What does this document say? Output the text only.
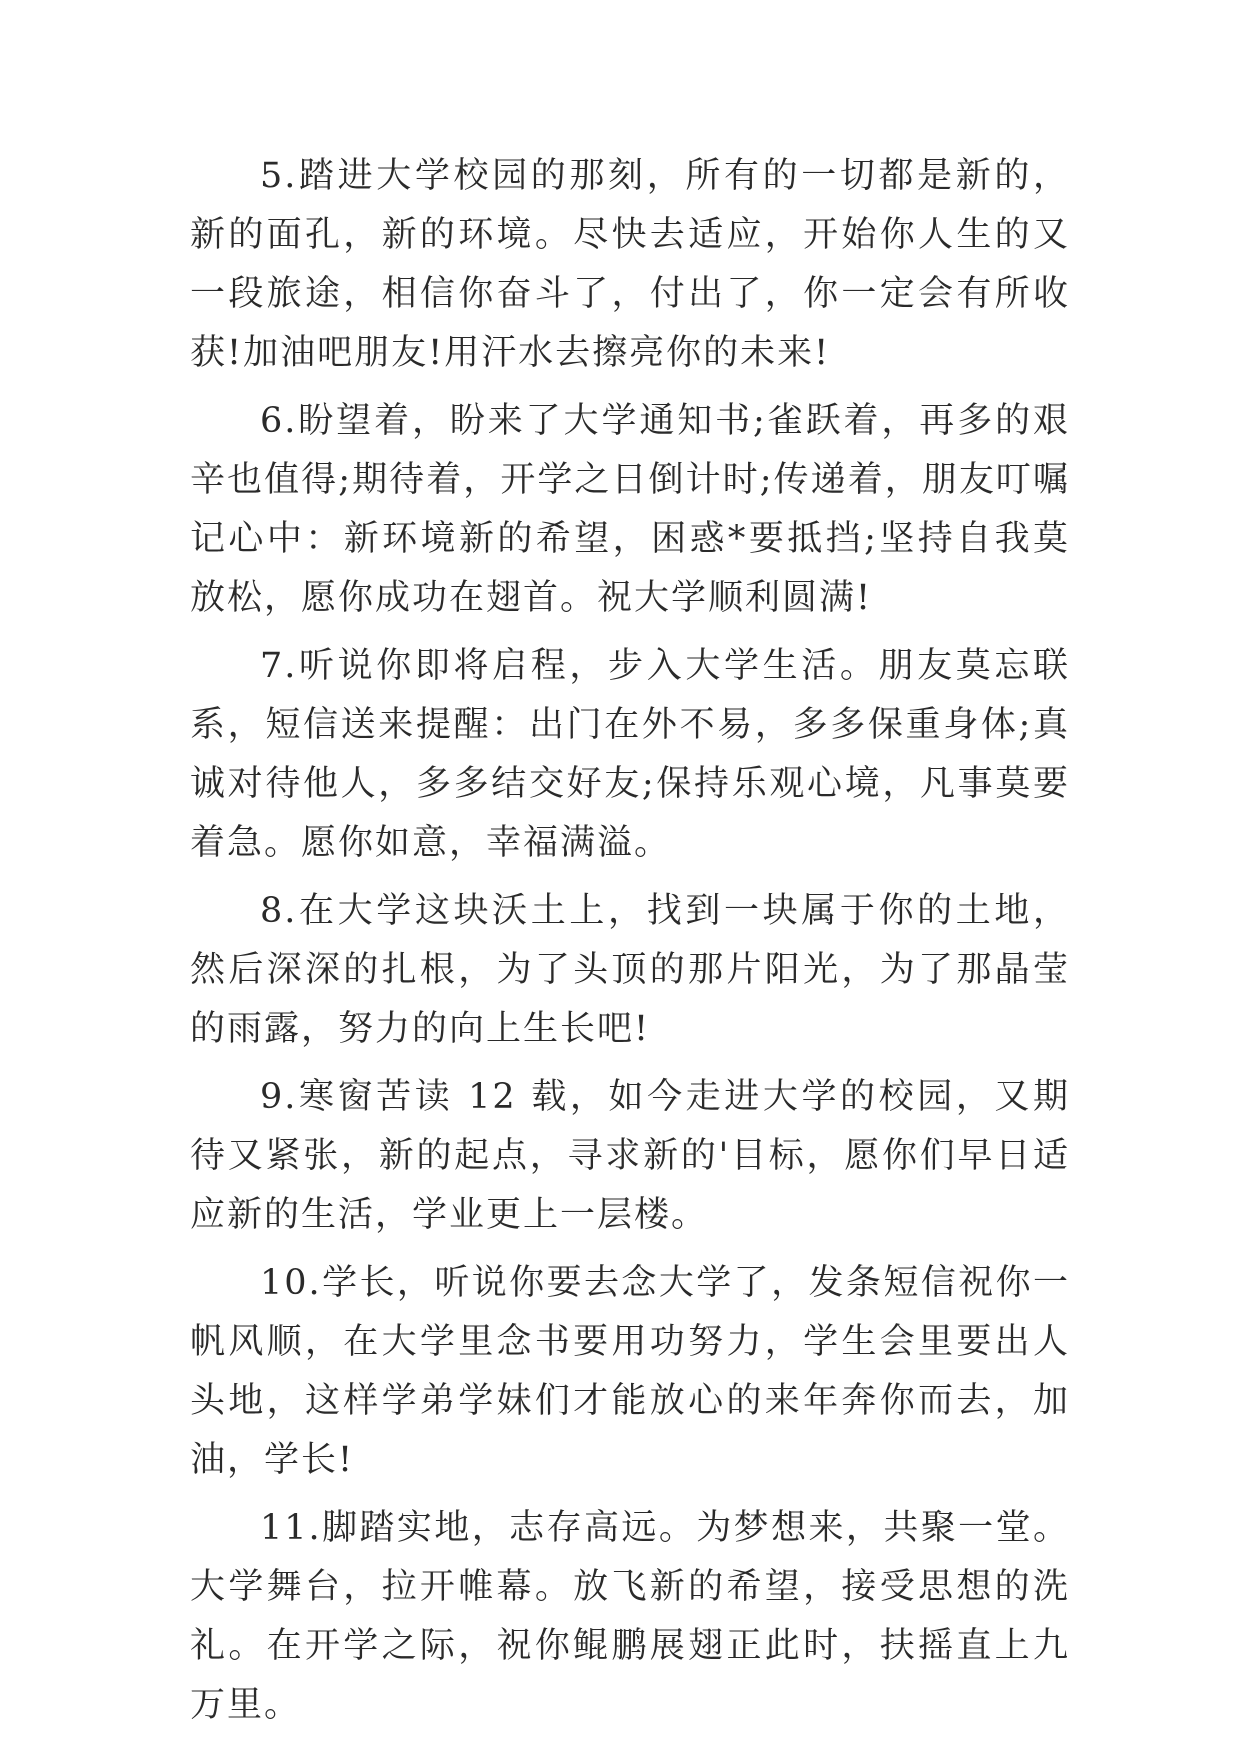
5.踏进大学校园的那刻，所有的一切都是新的，新的面孔，新的环境。尽快去适应，开始你人生的又一段旅途，相信你奋斗了，付出了，你一定会有所收获!加油吧朋友!用汗水去擦亮你的未来!

6.盼望着，盼来了大学通知书;雀跃着，再多的艰辛也值得;期待着，开学之日倒计时;传递着，朋友叮嘱记心中：新环境新的希望，困惑*要抵挡;坚持自我莫放松，愿你成功在翅首。祝大学顺利圆满!

7.听说你即将启程，步入大学生活。朋友莫忘联系，短信送来提醒：出门在外不易，多多保重身体;真诚对待他人，多多结交好友;保持乐观心境，凡事莫要着急。愿你如意，幸福满溢。

8.在大学这块沃土上，找到一块属于你的土地，然后深深的扎根，为了头顶的那片阳光，为了那晶莹的雨露，努力的向上生长吧!

9.寒窗苦读 12 载，如今走进大学的校园，又期待又紧张，新的起点，寻求新的'目标，愿你们早日适应新的生活，学业更上一层楼。

10.学长，听说你要去念大学了，发条短信祝你一帆风顺，在大学里念书要用功努力，学生会里要出人头地，这样学弟学妹们才能放心的来年奔你而去，加油，学长!

11.脚踏实地，志存高远。为梦想来，共聚一堂。大学舞台，拉开帷幕。放飞新的希望，接受思想的洗礼。在开学之际，祝你鲲鹏展翅正此时，扶摇直上九万里。
